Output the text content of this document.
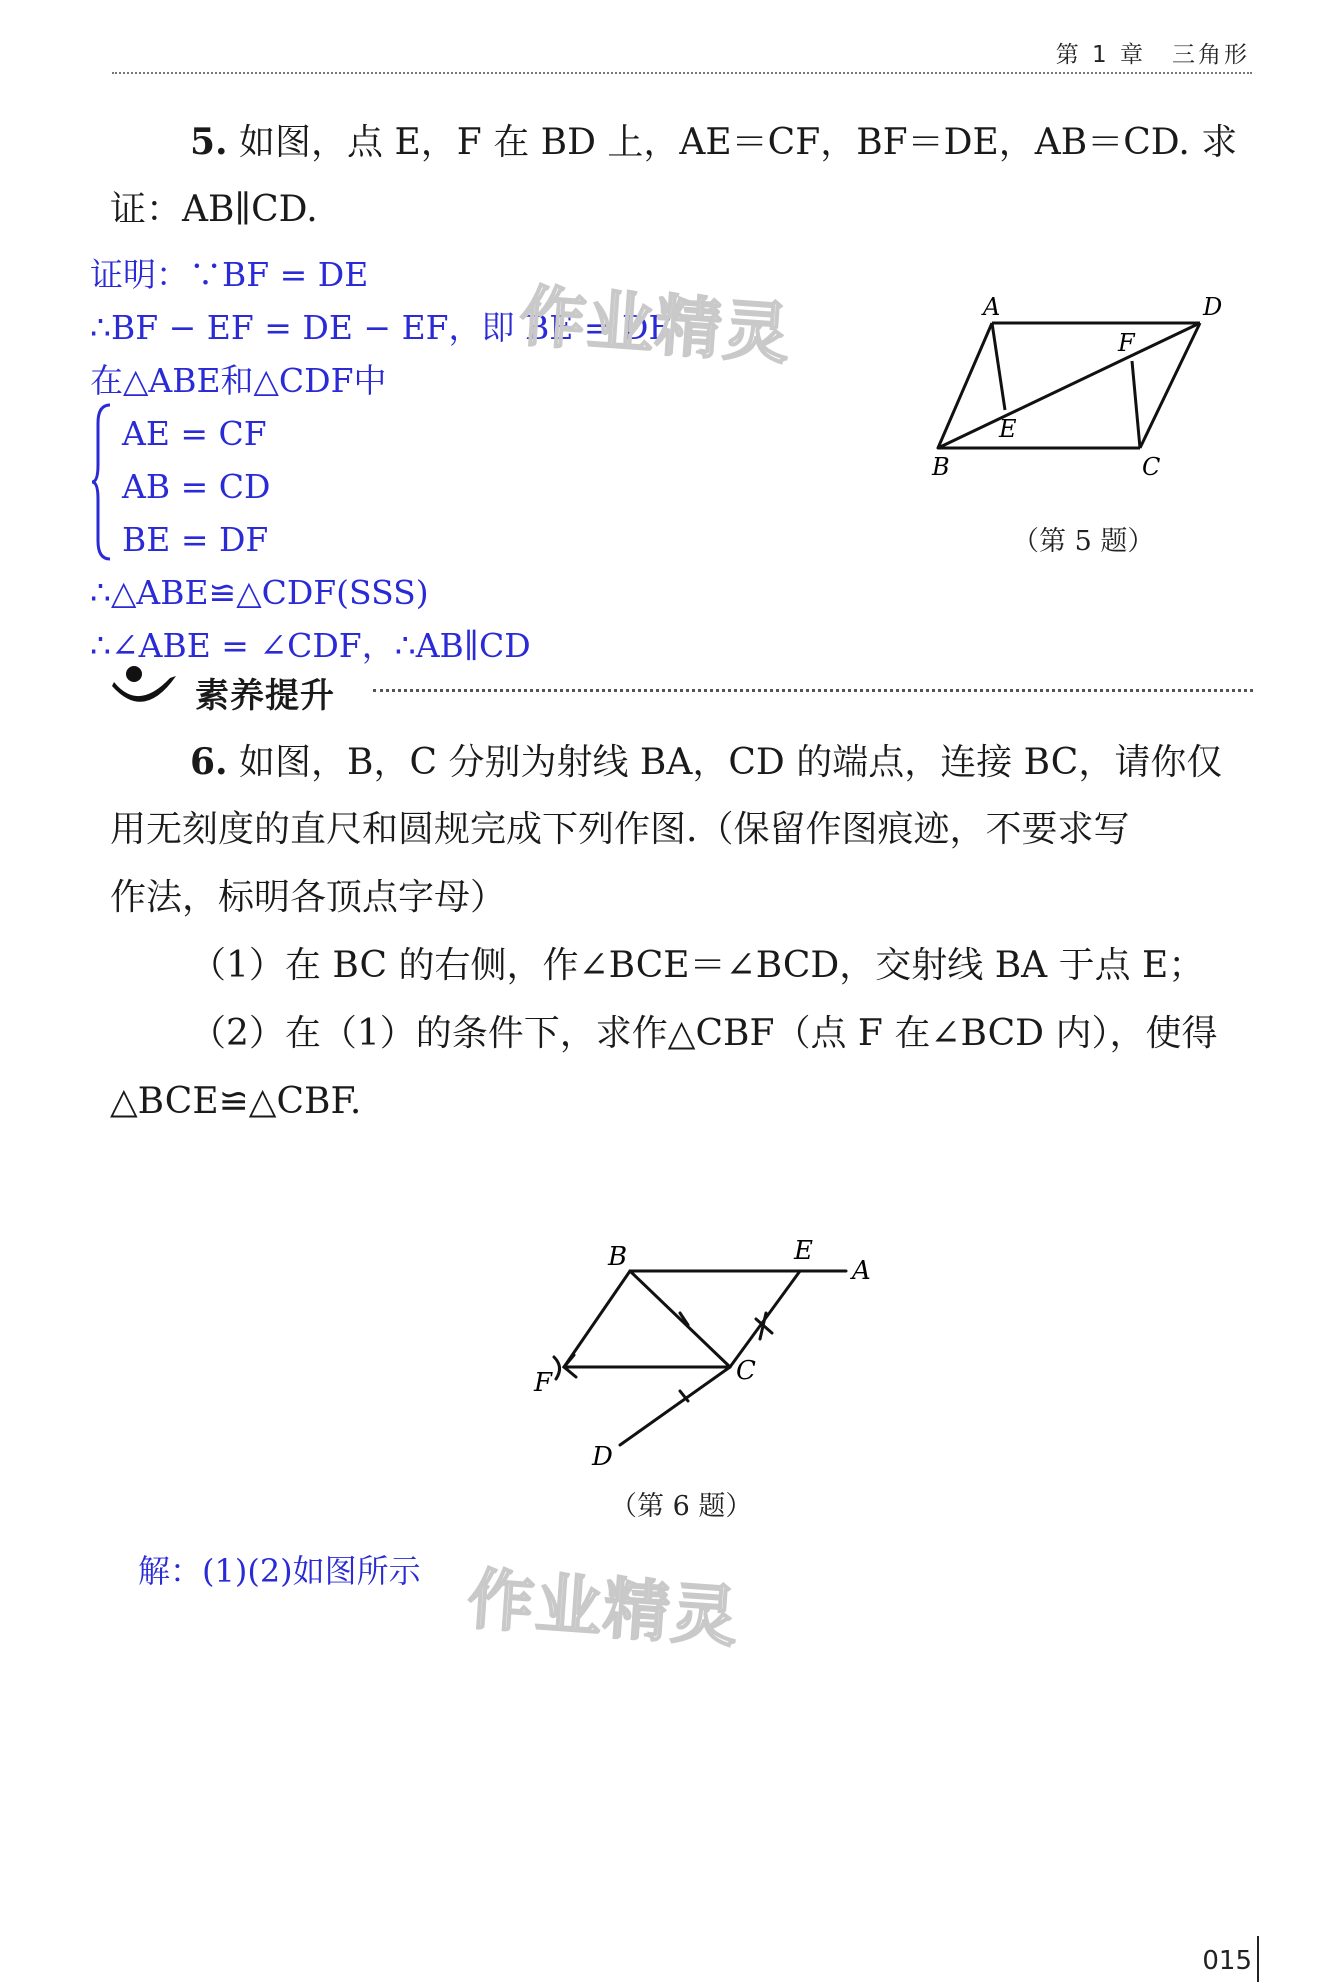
第 1 章　三角形
5. 如图，点 E，F 在 BD 上，AE＝CF，BF＝DE，AB＝CD. 求
证：AB∥CD.
证明：∵BF = DE
∴BF − EF = DE − EF，即 BE = DF
在△ABE和△CDF中
AE = CF
AB = CD
BE = DF
∴△ABE≌△CDF(SSS)
∴∠ABE = ∠CDF，∴AB∥CD
作业精灵	A	D
F
E
B	C
（第 5 题）
素养提升
6. 如图，B，C 分别为射线 BA，CD 的端点，连接 BC，请你仅
用无刻度的直尺和圆规完成下列作图.（保留作图痕迹，不要求写
作法，标明各顶点字母）
（1）在 BC 的右侧，作∠BCE＝∠BCD，交射线 BA 于点 E；
（2）在（1）的条件下，求作△CBF（点 F 在∠BCD 内），使得
△BCE≌△CBF.
B	E
A
F	C
D
（第 6 题）
解：(1)(2)如图所示 作业精灵
015
